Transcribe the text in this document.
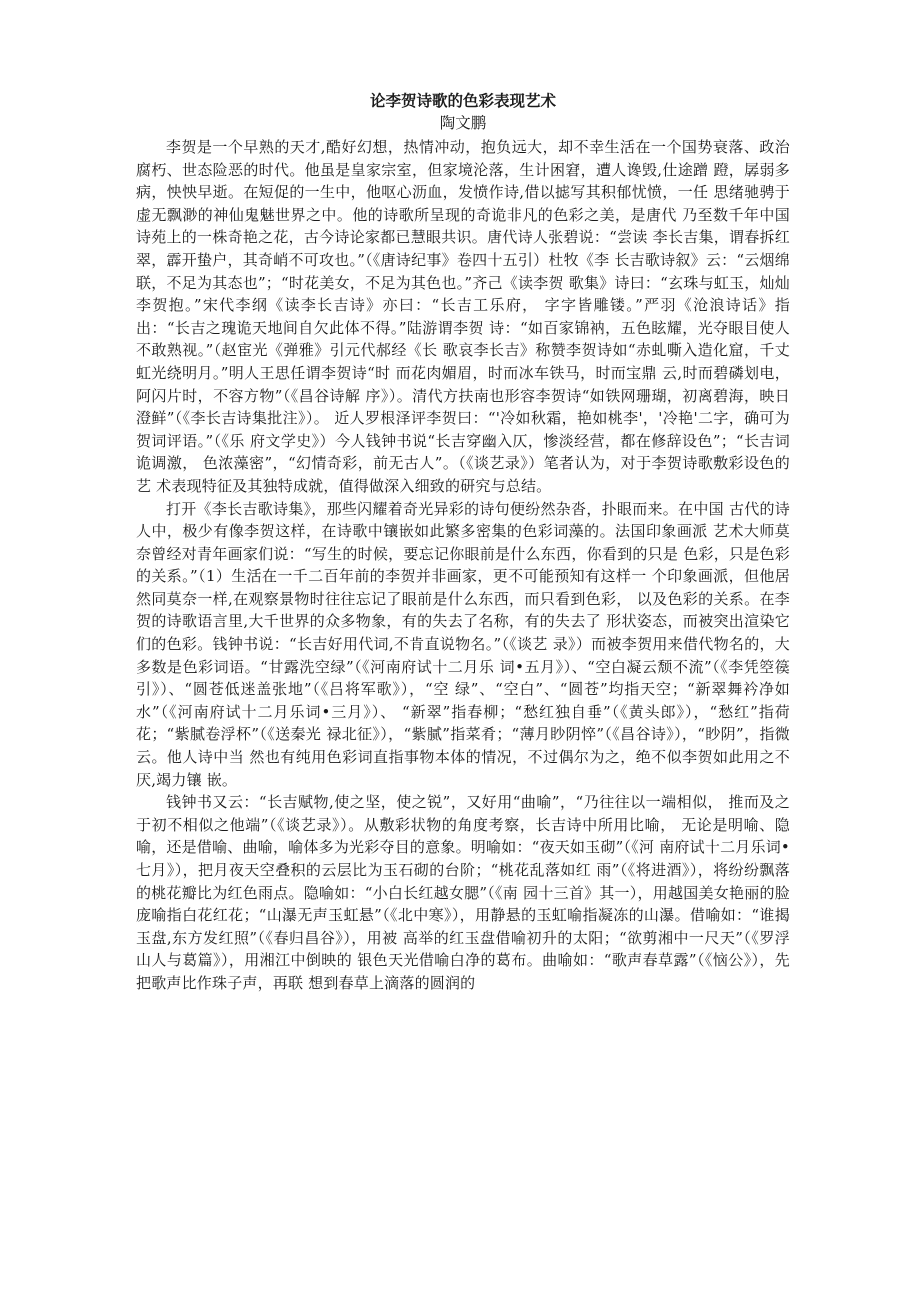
论李贺诗歌的色彩表现艺术
陶文鹏

李贺是一个早熟的天才,酷好幻想，热情冲动，抱负远大，却不幸生活在一个国势衰落、政治腐朽、世态险恶的时代。他虽是皇家宗室，但家境沦落，生计困窘，遭人谗毁,仕途蹭 蹬，孱弱多病，怏怏早逝。在短促的一生中，他呕心沥血，发愤作诗,借以摅写其积郁忧愤，一任 思绪驰骋于虚无飘渺的神仙鬼魅世界之中。他的诗歌所呈现的奇诡非凡的色彩之美，是唐代 乃至数千年中国诗苑上的一株奇艳之花，古今诗论家都已慧眼共识。唐代诗人张碧说：“尝读 李长吉集，谓春拆红翠，霹开蛰户，其奇峭不可攻也。”（《唐诗纪事》卷四十五引）杜牧《李 长吉歌诗叙》云：“云烟绵联，不足为其态也”；“时花美女，不足为其色也。”齐己《读李贺 歌集》诗曰：“玄珠与虹玉，灿灿李贺抱。”宋代李纲《读李长吉诗》亦曰：“长吉工乐府， 字字皆雕镂。”严羽《沧浪诗话》指出：“长吉之瑰诡天地间自欠此体不得。”陆游谓李贺 诗：“如百家锦衲，五色眩耀，光夺眼目使人不敢熟视。”（赵宦光《弹雅》引元代郝经《长 歌哀李长吉》称赞李贺诗如“赤虬嘶入造化窟，千丈虹光绕明月。”明人王思任谓李贺诗“时 而花肉媚眉，时而冰车铁马，时而宝鼎 云,时而碧磷划电，阿闪片时，不容方物”（《昌谷诗解 序》）。清代方扶南也形容李贺诗“如铁网珊瑚，初离碧海，映日澄鲜”（《李长吉诗集批注》）。 近人罗根泽评李贺曰：“'冷如秋霜，艳如桃李'，'冷艳'二字，确可为贺词评语。”（《乐 府文学史》）今人钱钟书说“长吉穿幽入仄，惨淡经营，都在修辞设色”；“长吉词诡调激， 色浓藻密”，“幻情奇彩，前无古人”。（《谈艺录》）笔者认为，对于李贺诗歌敷彩设色的艺 术表现特征及其独特成就，值得做深入细致的研究与总结。

打开《李长吉歌诗集》，那些闪耀着奇光异彩的诗句便纷然杂沓，扑眼而来。在中国 古代的诗人中，极少有像李贺这样，在诗歌中镶嵌如此繁多密集的色彩词藻的。法国印象画派 艺术大师莫奈曾经对青年画家们说：“写生的时候，要忘记你眼前是什么东西，你看到的只是 色彩，只是色彩的关系。”（1）生活在一千二百年前的李贺并非画家，更不可能预知有这样一 个印象画派，但他居然同莫奈一样,在观察景物时往往忘记了眼前是什么东西，而只看到色彩， 以及色彩的关系。在李贺的诗歌语言里,大千世界的众多物象，有的失去了名称，有的失去了 形状姿态，而被突出渲染它们的色彩。钱钟书说：“长吉好用代词,不肯直说物名。”（《谈艺 录》）而被李贺用来借代物名的，大多数是色彩词语。“甘露洗空绿”（《河南府试十二月乐 词•五月》）、“空白凝云颓不流”（《李凭箜篌引》）、“圆苍低迷盖张地”（《吕将军歌》），“空 绿”、“空白”、“圆苍”均指天空；“新翠舞衿净如水”（《河南府试十二月乐词•三月》）、 “新翠”指春柳；“愁红独自垂”（《黄头郎》），“愁红”指荷花；“紫腻卷浮杯”（《送秦光 禄北征》），“紫腻”指菜肴；“薄月眇阴悴”（《昌谷诗》），“眇阴”，指微云。他人诗中当 然也有纯用色彩词直指事物本体的情况，不过偶尔为之，绝不似李贺如此用之不厌,竭力镶 嵌。

钱钟书又云：“长吉赋物,使之坚，使之锐”，又好用“曲喻”，“乃往往以一端相似， 推而及之于初不相似之他端”（《谈艺录》）。从敷彩状物的角度考察，长吉诗中所用比喻， 无论是明喻、隐喻，还是借喻、曲喻，喻体多为光彩夺目的意象。明喻如：“夜天如玉砌”（《河 南府试十二月乐词•七月》），把月夜天空叠积的云层比为玉石砌的台阶；“桃花乱落如红 雨”（《将进酒》），将纷纷飘落的桃花瓣比为红色雨点。隐喻如：“小白长红越女腮”（《南 园十三首》其一），用越国美女艳丽的脸庞喻指白花红花；“山瀑无声玉虹悬”（《北中寒》），用静悬的玉虹喻指凝冻的山瀑。借喻如：“谁揭 玉盘,东方发红照”（《春归昌谷》），用被 高举的红玉盘借喻初升的太阳；“欲剪湘中一尺天”（《罗浮山人与葛篇》），用湘江中倒映的 银色天光借喻白净的葛布。曲喻如：“歌声春草露”（《恼公》），先把歌声比作珠子声，再联 想到春草上滴落的圆润的
